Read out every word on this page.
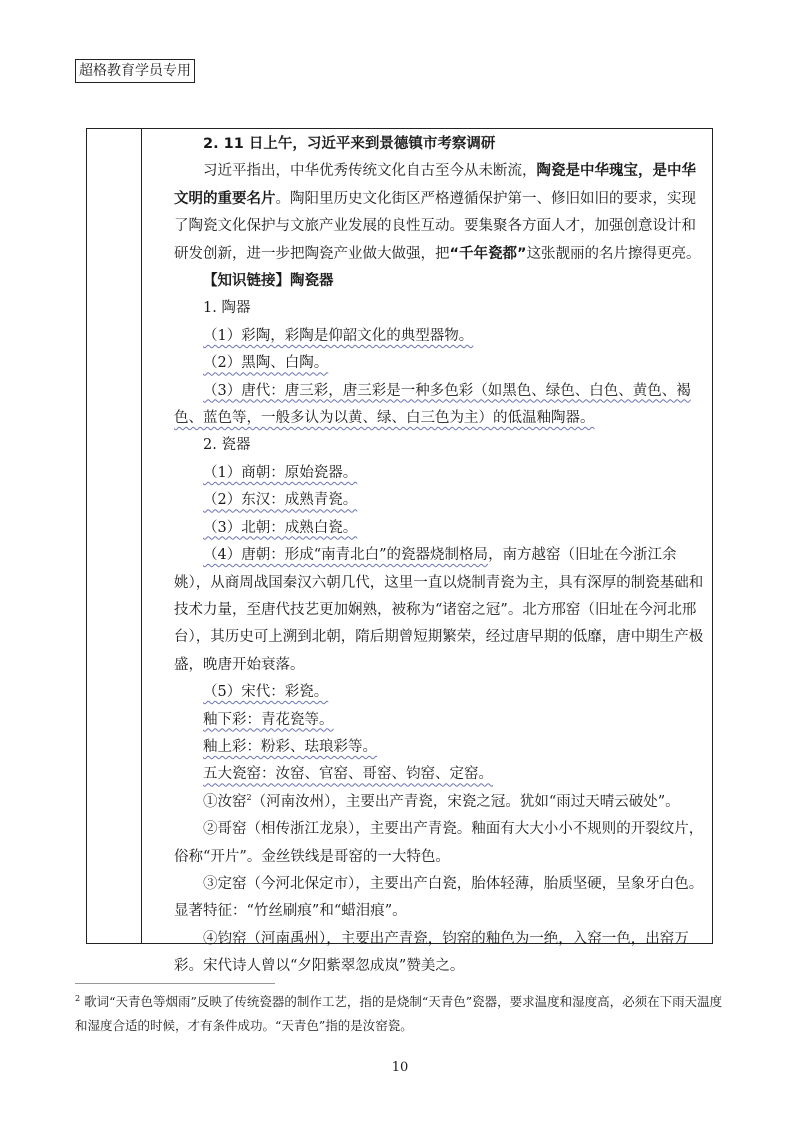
超格教育学员专用

2. 11 日上午，习近平来到景德镇市考察调研

习近平指出，中华优秀传统文化自古至今从未断流，陶瓷是中华瑰宝，是中华文明的重要名片。陶阳里历史文化街区严格遵循保护第一、修旧如旧的要求，实现了陶瓷文化保护与文旅产业发展的良性互动。要集聚各方面人才，加强创意设计和研发创新，进一步把陶瓷产业做大做强，把“千年瓷都”这张靓丽的名片擦得更亮。

【知识链接】陶瓷器

1. 陶器

（1）彩陶，彩陶是仰韶文化的典型器物。

（2）黑陶、白陶。

（3）唐代：唐三彩，唐三彩是一种多色彩（如黑色、绿色、白色、黄色、褐色、蓝色等，一般多认为以黄、绿、白三色为主）的低温釉陶器。

2. 瓷器

（1）商朝：原始瓷器。

（2）东汉：成熟青瓷。

（3）北朝：成熟白瓷。

（4）唐朝：形成“南青北白”的瓷器烧制格局，南方越窑（旧址在今浙江余姚），从商周战国秦汉六朝几代，这里一直以烧制青瓷为主，具有深厚的制瓷基础和技术力量，至唐代技艺更加娴熟，被称为“诸窑之冠”。北方邢窑（旧址在今河北邢台），其历史可上溯到北朝，隋后期曾短期繁荣，经过唐早期的低靡，唐中期生产极盛，晚唐开始衰落。

（5）宋代：彩瓷。

釉下彩：青花瓷等。

釉上彩：粉彩、珐琅彩等。

五大瓷窑：汝窑、官窑、哥窑、钧窑、定窑。

①汝窑$^2$（河南汝州），主要出产青瓷，宋瓷之冠。犹如“雨过天晴云破处”。

②哥窑（相传浙江龙泉），主要出产青瓷。釉面有大大小小不规则的开裂纹片，俗称“开片”。金丝铁线是哥窑的一大特色。

③定窑（今河北保定市），主要出产白瓷，胎体轻薄，胎质坚硬，呈象牙白色。显著特征：“竹丝刷痕”和“蜡泪痕”。

④钧窑（河南禹州），主要出产青瓷，钧窑的釉色为一绝，入窑一色，出窑万彩。宋代诗人曾以“夕阳紫翠忽成岚”赞美之。

$^2$ 歌词“天青色等烟雨”反映了传统瓷器的制作工艺，指的是烧制“天青色”瓷器，要求温度和湿度高，必须在下雨天温度和湿度合适的时候，才有条件成功。“天青色”指的是汝窑瓷。
10
